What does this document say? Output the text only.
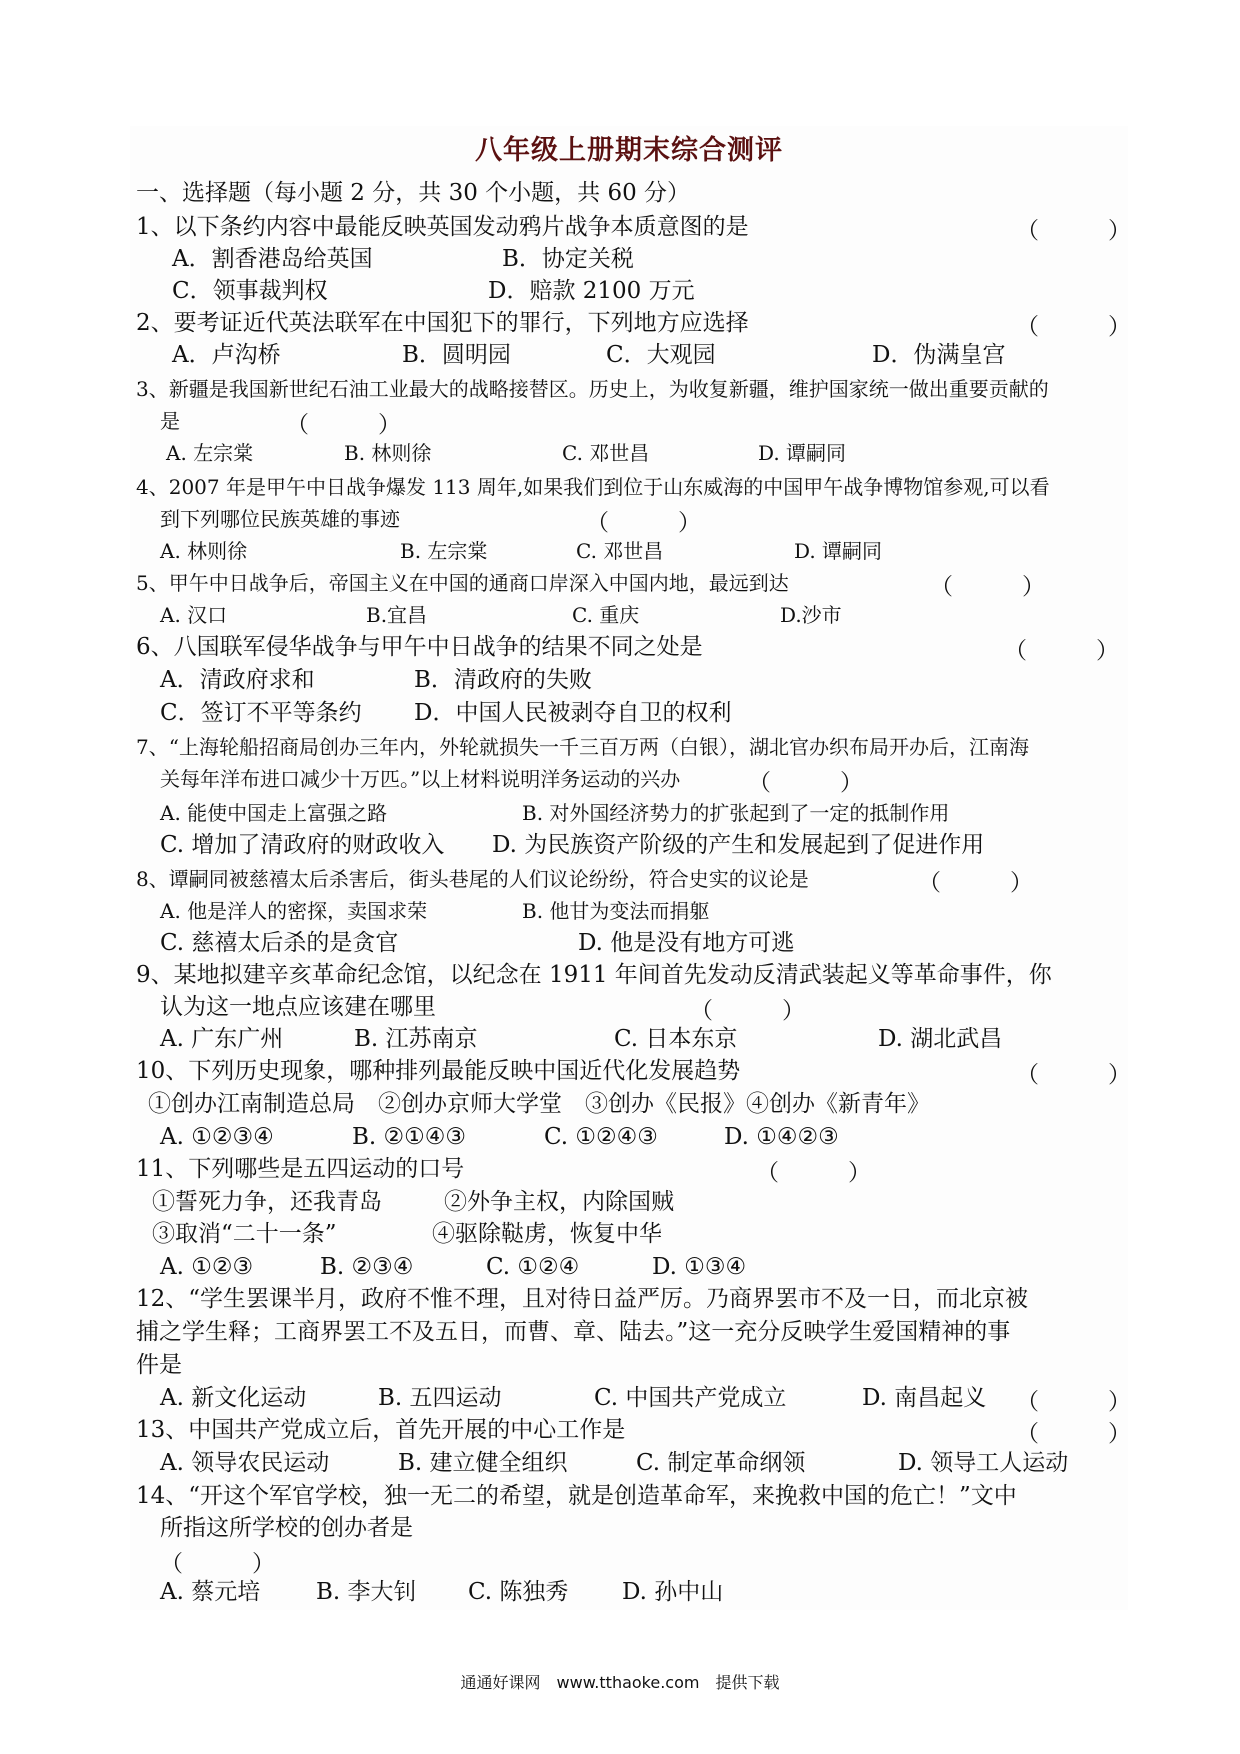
八年级上册期末综合测评
一、选择题（每小题 2 分，共 30 个小题，共 60 分）
1、以下条约内容中最能反映英国发动鸦片战争本质意图的是	（　　　）
A．割香港岛给英国	B．协定关税
C．领事裁判权	D．赔款 2100 万元
2、要考证近代英法联军在中国犯下的罪行，下列地方应选择	（　　　）
A．卢沟桥	B．圆明园	C．大观园	D．伪满皇宫
3、新疆是我国新世纪石油工业最大的战略接替区。历史上，为收复新疆，维护国家统一做出重要贡献的
是	（　　　）
A. 左宗棠	B. 林则徐	C. 邓世昌	D. 谭嗣同
4、2007 年是甲午中日战争爆发 113 周年,如果我们到位于山东威海的中国甲午战争博物馆参观,可以看
到下列哪位民族英雄的事迹	（　　　）
A. 林则徐	B. 左宗棠	C. 邓世昌	D. 谭嗣同
5、甲午中日战争后，帝国主义在中国的通商口岸深入中国内地，最远到达	（　　　）
A. 汉口	B.宜昌	C. 重庆	D.沙市
6、八国联军侵华战争与甲午中日战争的结果不同之处是	（　　　）
A．清政府求和	B．清政府的失败
C．签订不平等条约 D．中国人民被剥夺自卫的权利
7、“上海轮船招商局创办三年内，外轮就损失一千三百万两（白银），湖北官办织布局开办后，江南海
关每年洋布进口减少十万匹。”以上材料说明洋务运动的兴办	（　　　）
A. 能使中国走上富强之路	B. 对外国经济势力的扩张起到了一定的抵制作用
C. 增加了清政府的财政收入 D. 为民族资产阶级的产生和发展起到了促进作用
8、谭嗣同被慈禧太后杀害后，街头巷尾的人们议论纷纷，符合史实的议论是	（　　　）
A. 他是洋人的密探，卖国求荣	B. 他甘为变法而捐躯
C. 慈禧太后杀的是贪官	D. 他是没有地方可逃
9、某地拟建辛亥革命纪念馆，以纪念在 1911 年间首先发动反清武装起义等革命事件，你
认为这一地点应该建在哪里	（　　　）
A. 广东广州	B. 江苏南京	C. 日本东京	D. 湖北武昌
10、下列历史现象，哪种排列最能反映中国近代化发展趋势	（　　　）
①创办江南制造总局　②创办京师大学堂　③创办《民报》④创办《新青年》
A. ①②③④	B. ②①④③	C. ①②④③	D. ①④②③
11、下列哪些是五四运动的口号	（　　　）
①誓死力争，还我青岛	②外争主权，内除国贼
③取消“二十一条”	④驱除鞑虏，恢复中华
A. ①②③	B. ②③④	C. ①②④	D. ①③④
12、“学生罢课半月，政府不惟不理，且对待日益严厉。乃商界罢市不及一日，而北京被
捕之学生释；工商界罢工不及五日，而曹、章、陆去。”这一充分反映学生爱国精神的事
件是
A. 新文化运动	B. 五四运动	C. 中国共产党成立	D. 南昌起义 （　　　）
13、中国共产党成立后，首先开展的中心工作是	（　　　）
A. 领导农民运动	B. 建立健全组织	C. 制定革命纲领	D. 领导工人运动
14、“开这个军官学校，独一无二的希望，就是创造革命军，来挽救中国的危亡！”文中
所指这所学校的创办者是
（　　　）
A. 蔡元培 B. 李大钊 C. 陈独秀 D. 孙中山
通通好课网　www.tthaoke.com　提供下载
